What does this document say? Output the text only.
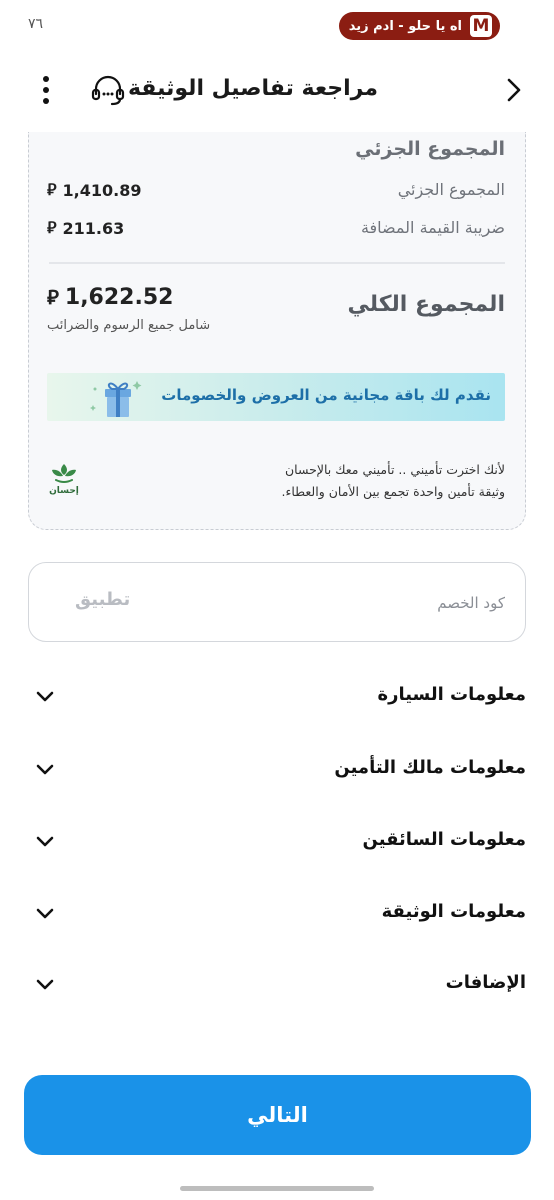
٧٦	M
اه يا حلو - ادم زيد
مراجعة تفاصيل الوثيقة
المجموع الجزئي
المجموع الجزئي
⃁ 1,410.89
ضريبة القيمة المضافة
⃁ 211.63
المجموع الكلي
⃁ 1,622.52
شامل جميع الرسوم والضرائب
نقدم لك باقة مجانية من العروض والخصومات
لأنك اخترت تأميني .. تأميني معك بالإحسان
وثيقة تأمين واحدة تجمع بين الأمان والعطاء.
إحسان
كود الخصم
تطبيق
معلومات السيارة
معلومات مالك التأمين
معلومات السائقين
معلومات الوثيقة
الإضافات
التالي
